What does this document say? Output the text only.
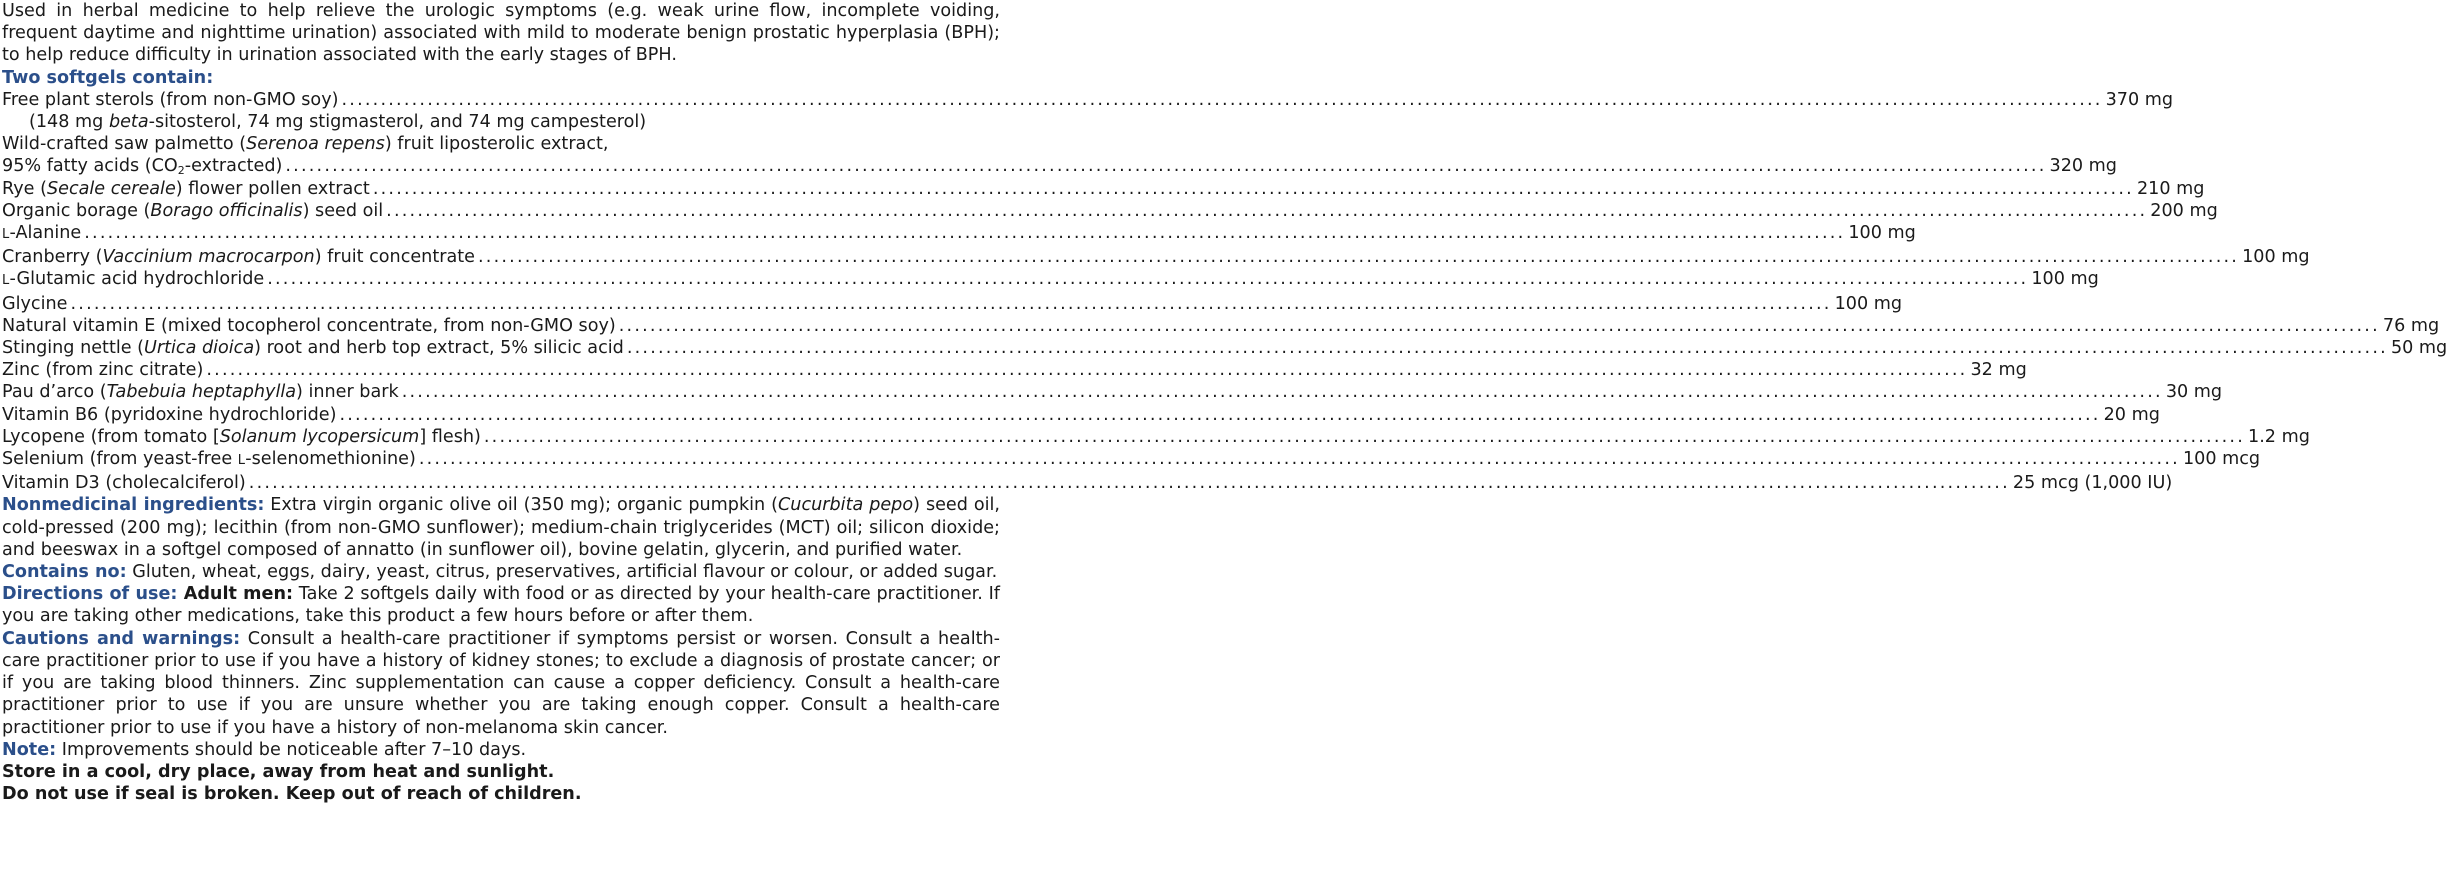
Used in herbal medicine to help relieve the urologic symptoms (e.g. weak urine flow, incomplete voiding, frequent daytime and nighttime urination) associated with mild to moderate benign prostatic hyperplasia (BPH); to help reduce difficulty in urination associated with the early stages of BPH.

Two softgels contain:
Free plant sterols (from non-GMO soy) .................................................................................................................................................................................................................................. 370 mg
(148 mg beta-sitosterol, 74 mg stigmasterol, and 74 mg campesterol)
Wild-crafted saw palmetto (Serenoa repens) fruit liposterolic extract,
95% fatty acids $(CO_2-extracted)$ .................................................................................................................................................................................................................................. 320 mg
Rye (Secale cereale) flower pollen extract .................................................................................................................................................................................................................................. 210 mg
Organic borage (Borago officinalis) seed oil .................................................................................................................................................................................................................................. 200 mg
L-Alanine .................................................................................................................................................................................................................................. 100 mg
Cranberry (Vaccinium macrocarpon) fruit concentrate .................................................................................................................................................................................................................................. 100 mg
L-Glutamic acid hydrochloride .................................................................................................................................................................................................................................. 100 mg
Glycine .................................................................................................................................................................................................................................. 100 mg
Natural vitamin E (mixed tocopherol concentrate, from non-GMO soy) .................................................................................................................................................................................................................................. 76 mg
Stinging nettle (Urtica dioica) root and herb top extract, 5% silicic acid .................................................................................................................................................................................................................................. 50 mg
Zinc (from zinc citrate) .................................................................................................................................................................................................................................. 32 mg
Pau d’arco (Tabebuia heptaphylla) inner bark .................................................................................................................................................................................................................................. 30 mg
Vitamin B6 (pyridoxine hydrochloride) .................................................................................................................................................................................................................................. 20 mg
Lycopene (from tomato [Solanum lycopersicum] flesh) .................................................................................................................................................................................................................................. 1.2 mg
Selenium (from yeast-free L-selenomethionine) .................................................................................................................................................................................................................................. 100 mcg
Vitamin D3 (cholecalciferol) .................................................................................................................................................................................................................................. 25 mcg (1,000 IU)

Nonmedicinal ingredients: Extra virgin organic olive oil (350 mg); organic pumpkin (Cucurbita pepo) seed oil, cold-pressed (200 mg); lecithin (from non-GMO sunflower); medium-chain triglycerides (MCT) oil; silicon dioxide; and beeswax in a softgel composed of annatto (in sunflower oil), bovine gelatin, glycerin, and purified water.

Contains no: Gluten, wheat, eggs, dairy, yeast, citrus, preservatives, artificial flavour or colour, or added sugar.

Directions of use: Adult men: Take 2 softgels daily with food or as directed by your health-care practitioner. If you are taking other medications, take this product a few hours before or after them.

Cautions and warnings: Consult a health-care practitioner if symptoms persist or worsen. Consult a health-care practitioner prior to use if you have a history of kidney stones; to exclude a diagnosis of prostate cancer; or if you are taking blood thinners. Zinc supplementation can cause a copper deficiency. Consult a health-care practitioner prior to use if you are unsure whether you are taking enough copper. Consult a health-care practitioner prior to use if you have a history of non-melanoma skin cancer.

Note: Improvements should be noticeable after 7–10 days.

Store in a cool, dry place, away from heat and sunlight.
Do not use if seal is broken. Keep out of reach of children.
